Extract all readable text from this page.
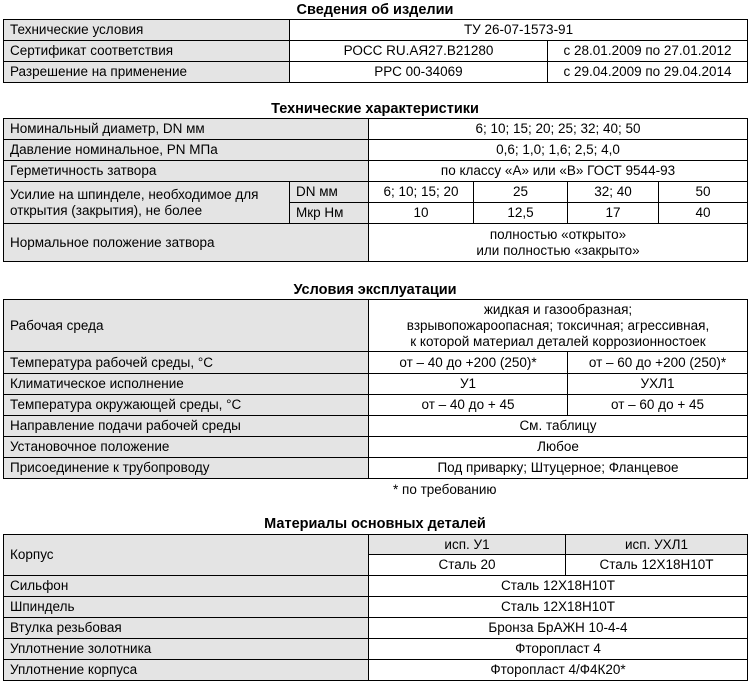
Сведения об изделии
Технические условия	ТУ 26-07-1573-91	
Сертификат соответствия	РОСС RU.АЯ27.В21280	с 28.01.2009 по 27.01.2012
Разрешение на применение	РРС 00-34069	с 29.04.2009 по 29.04.2014
Технические характеристики
Номинальный диаметр, DN мм		6; 10; 15; 20; 25; 32; 40; 50			
Давление номинальное, PN МПа		0,6; 1,0; 1,6; 2,5; 4,0			
Герметичность затвора		по классу «А» или «В» ГОСТ 9544-93			
Усилие на шпинделе, необходимое для открытия (закрытия), не более	DN мм	6; 10; 15; 20	25	32; 40	50
	Мкр Нм	10	12,5	17	40
Нормальное положение затвора		полностью «открыто»
или полностью «закрыто»			
Условия эксплуатации
Рабочая среда	жидкая и газообразная;
взрывопожароопасная; токсичная; агрессивная,
к которой материал деталей коррозионностоек	

Температура рабочей среды, °С	от – 40 до +200 (250)*	от – 60 до +200 (250)*
Климатическое исполнение	У1	УХЛ1
Температура окружающей среды, °С	от – 40 до + 45	от – 60 до + 45
Направление подачи рабочей среды	См. таблицу	
Установочное положение	Любое	
Присоединение к трубопроводу	Под приварку; Штуцерное; Фланцевое	
* по требованию
Материалы основных деталей
Корпус	исп. У1	исп. УХЛ1
	Сталь 20	Сталь 12Х18Н10Т
Сильфон	Сталь 12Х18Н10Т	
Шпиндель	Сталь 12Х18Н10Т	
Втулка резьбовая	Бронза БрАЖН 10-4-4	
Уплотнение золотника	Фторопласт 4	
Уплотнение корпуса	Фторопласт 4/Ф4К20*	
